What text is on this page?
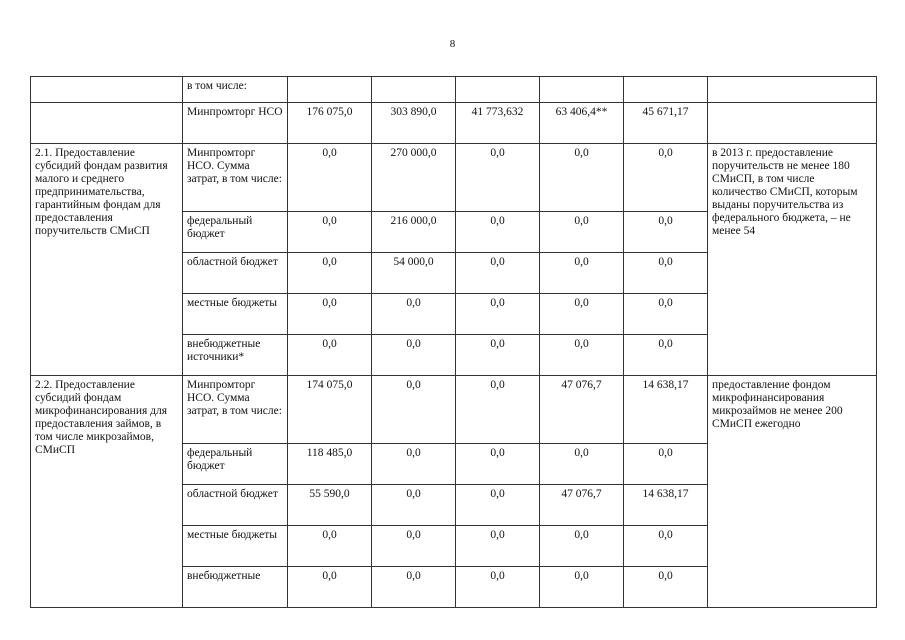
8
	в том числе:						
	Минпромторг НСО	176 075,0	303 890,0	41 773,632	63 406,4**	45 671,17	
2.1. Предоставление субсидий фондам развития малого и среднего предпринимательства, гарантийным фондам для предоставления поручительств СМиСП	Минпромторг НСО. Сумма затрат, в том числе:	0,0	270 000,0	0,0	0,0	0,0	в 2013 г. предоставление поручительств не менее 180 СМиСП, в том числе количество СМиСП, которым выданы поручительства из федерального бюджета, – не менее 54
	федеральный бюджет	0,0	216 000,0	0,0	0,0	0,0	
	областной бюджет	0,0	54 000,0	0,0	0,0	0,0	
	местные бюджеты	0,0	0,0	0,0	0,0	0,0	
	внебюджетные источники*	0,0	0,0	0,0	0,0	0,0	
2.2. Предоставление субсидий фондам микрофинансирования для предоставления займов, в том числе микрозаймов, СМиСП	Минпромторг НСО. Сумма затрат, в том числе:	174 075,0	0,0	0,0	47 076,7	14 638,17	предоставление фондом микрофинансирования микрозаймов не менее 200 СМиСП ежегодно
	федеральный бюджет	118 485,0	0,0	0,0	0,0	0,0	
	областной бюджет	55 590,0	0,0	0,0	47 076,7	14 638,17	
	местные бюджеты	0,0	0,0	0,0	0,0	0,0	
	внебюджетные	0,0	0,0	0,0	0,0	0,0	
